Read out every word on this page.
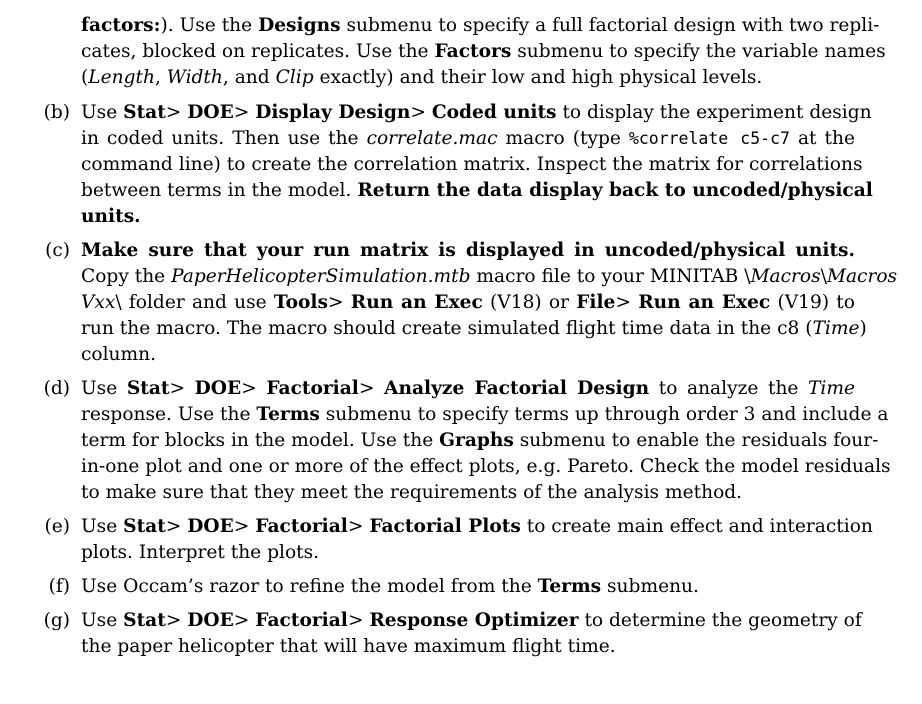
factors:). Use the Designs submenu to specify a full factorial design with two repli-
cates, blocked on replicates. Use the Factors submenu to specify the variable names
(Length, Width, and Clip exactly) and their low and high physical levels.
(b) Use Stat> DOE> Display Design> Coded units to display the experiment design
in coded units. Then use the correlate.mac macro (type %correlate c5-c7 at the
command line) to create the correlation matrix. Inspect the matrix for correlations
between terms in the model. Return the data display back to uncoded/physical
units.
(c) Make sure that your run matrix is displayed in uncoded/physical units.
Copy the PaperHelicopterSimulation.mtb macro file to your MINITAB \Macros\Macros
Vxx\ folder and use Tools> Run an Exec (V18) or File> Run an Exec (V19) to
run the macro. The macro should create simulated flight time data in the c8 (Time)
column.
(d) Use Stat> DOE> Factorial> Analyze Factorial Design to analyze the Time
response. Use the Terms submenu to specify terms up through order 3 and include a
term for blocks in the model. Use the Graphs submenu to enable the residuals four-
in-one plot and one or more of the effect plots, e.g. Pareto. Check the model residuals
to make sure that they meet the requirements of the analysis method.
(e) Use Stat> DOE> Factorial> Factorial Plots to create main effect and interaction
plots. Interpret the plots.
(f) Use Occam’s razor to refine the model from the Terms submenu.
(g) Use Stat> DOE> Factorial> Response Optimizer to determine the geometry of
the paper helicopter that will have maximum flight time.
